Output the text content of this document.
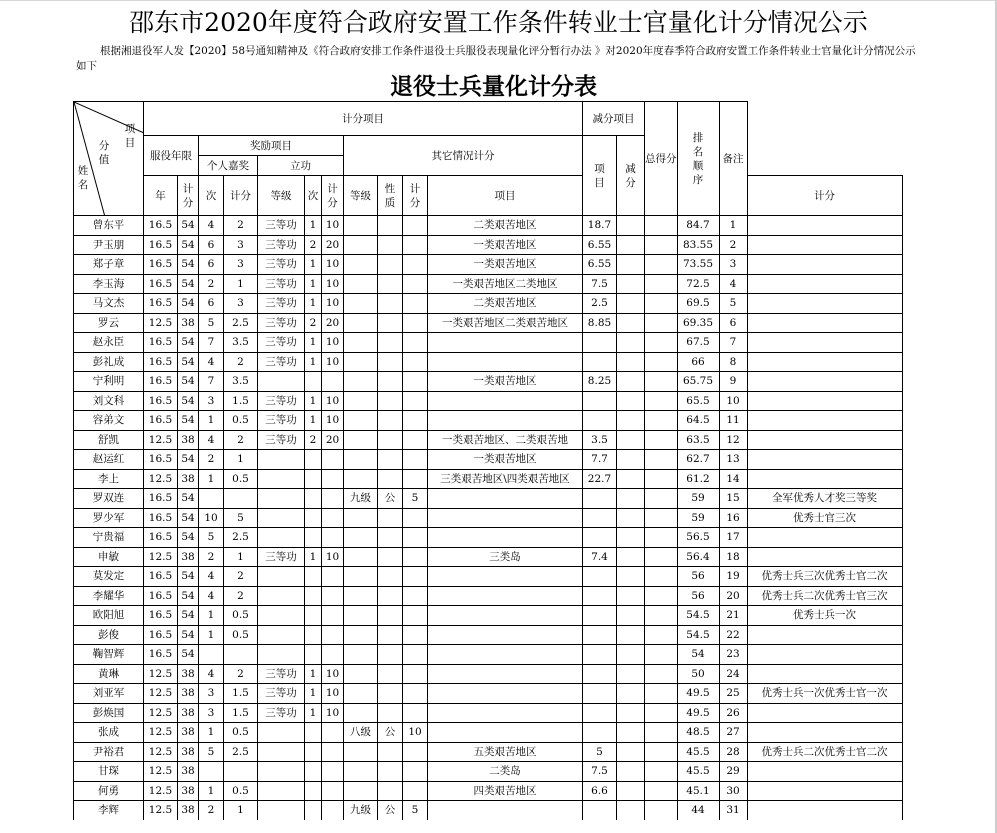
邵东市2020年度符合政府安置工作条件转业士官量化计分情况公示
根据湘退役军人发【2020】58号通知精神及《符合政府安排工作条件退役士兵服役表现量化评分暂行办法 》对2020年度春季符合政府安置工作条件转业士官量化计分情况公示如下
退役士兵量化计分表
项目
分值
姓名	计分项目											减分项目		总得分	排名顺序	备注	
	服役年限		奖励项目					其它情况计分				项目	减分				
			个人嘉奖		立功												
	年	计分	次	计分	等级	次	计分	等级	性质	计分	项目						计分
曾东平	16.5	54	4	2	三等功	1	10				二类艰苦地区	18.7			84.7	1	
尹玉朋	16.5	54	6	3	三等功	2	20				一类艰苦地区	6.55			83.55	2	
郑子章	16.5	54	6	3	三等功	1	10				一类艰苦地区	6.55			73.55	3	
李玉海	16.5	54	2	1	三等功	1	10				一类艰苦地区二类地区	7.5			72.5	4	
马文杰	16.5	54	6	3	三等功	1	10				二类艰苦地区	2.5			69.5	5	
罗云	12.5	38	5	2.5	三等功	2	20				一类艰苦地区二类艰苦地区	8.85			69.35	6	
赵永臣	16.5	54	7	3.5	三等功	1	10								67.5	7	
彭礼成	16.5	54	4	2	三等功	1	10								66	8	
宁利明	16.5	54	7	3.5							一类艰苦地区	8.25			65.75	9	
刘文科	16.5	54	3	1.5	三等功	1	10								65.5	10	
容弟文	16.5	54	1	0.5	三等功	1	10								64.5	11	
舒凯	12.5	38	4	2	三等功	2	20				一类艰苦地区、二类艰苦地	3.5			63.5	12	
赵运红	16.5	54	2	1							一类艰苦地区	7.7			62.7	13	
李上	12.5	38	1	0.5							三类艰苦地区\四类艰苦地区	22.7			61.2	14	
罗双连	16.5	54						九级	公	5					59	15	全军优秀人才奖三等奖
罗少军	16.5	54	10	5											59	16	优秀士官三次
宁贵福	16.5	54	5	2.5											56.5	17	
申敏	12.5	38	2	1	三等功	1	10				三类岛	7.4			56.4	18	
莫发定	16.5	54	4	2											56	19	优秀士兵三次优秀士官二次
李耀华	16.5	54	4	2											56	20	优秀士兵二次优秀士官三次
欧阳旭	16.5	54	1	0.5											54.5	21	优秀士兵一次
彭俊	16.5	54	1	0.5											54.5	22	
鞠智辉	16.5	54													54	23	
黄琳	12.5	38	4	2	三等功	1	10								50	24	
刘亚军	12.5	38	3	1.5	三等功	1	10								49.5	25	优秀士兵一次优秀士官一次
彭焕国	12.5	38	3	1.5	三等功	1	10								49.5	26	
张成	12.5	38	1	0.5				八级	公	10					48.5	27	
尹裕君	12.5	38	5	2.5							五类艰苦地区	5			45.5	28	优秀士兵二次优秀士官二次
甘琛	12.5	38									二类岛	7.5			45.5	29	
何勇	12.5	38	1	0.5							四类艰苦地区	6.6			45.1	30	
李辉	12.5	38	2	1				九级	公	5					44	31	
